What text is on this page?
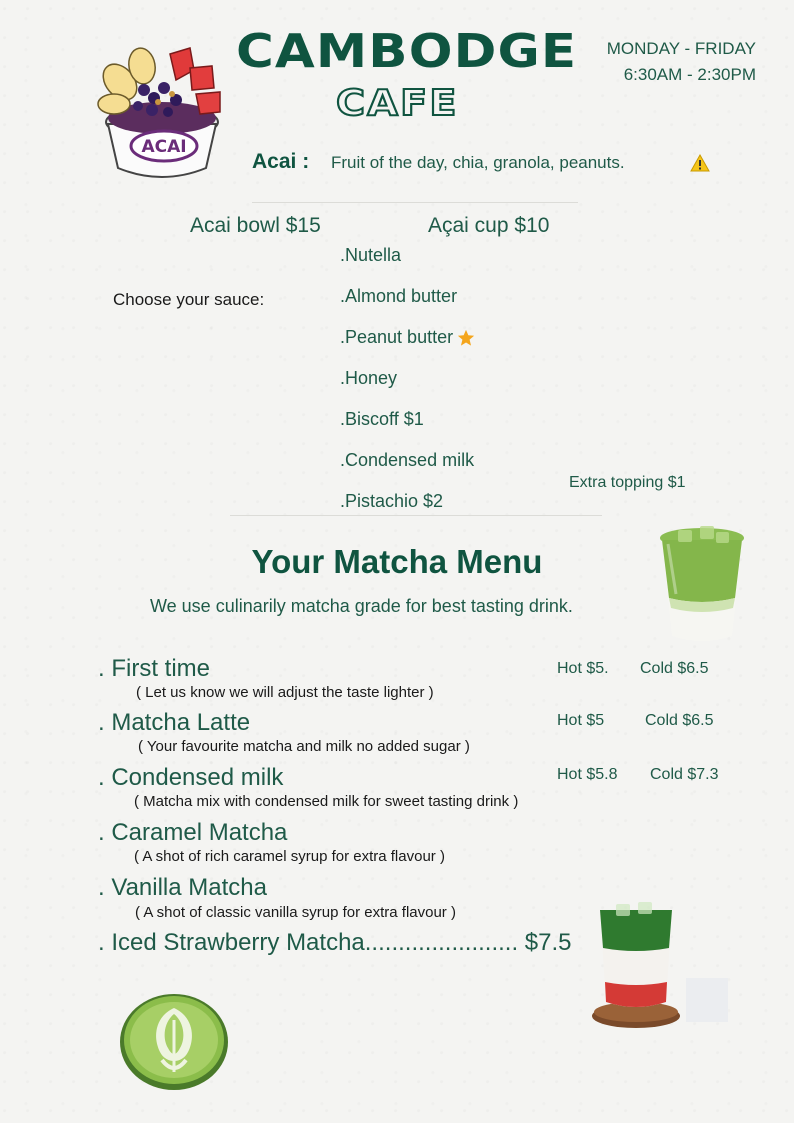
ACAI
CAMBODGE
CAFE
MONDAY - FRIDAY
6:30AM - 2:30PM
Acai : Fruit of the day, chia, granola, peanuts.
Acai bowl $15	Açai cup $10
Choose your sauce:
.Nutella
.Almond butter
.Peanut butter
.Honey
.Biscoff $1
.Condensed milk
.Pistachio $2
Extra topping $1
Your Matcha Menu
We use culinarily matcha grade for best tasting drink.
. First time
( Let us know we will adjust the taste lighter )
Hot $5. Cold $6.5
. Matcha Latte
( Your favourite matcha and milk no added sugar )
Hot $5	Cold $6.5
. Condensed milk
( Matcha mix with condensed milk for sweet tasting drink )
Hot $5.8 Cold $7.3
. Caramel Matcha
( A shot of rich caramel syrup for extra flavour )
. Vanilla Matcha
( A shot of classic vanilla syrup for extra flavour )
. Iced Strawberry Matcha....................... $7.5
